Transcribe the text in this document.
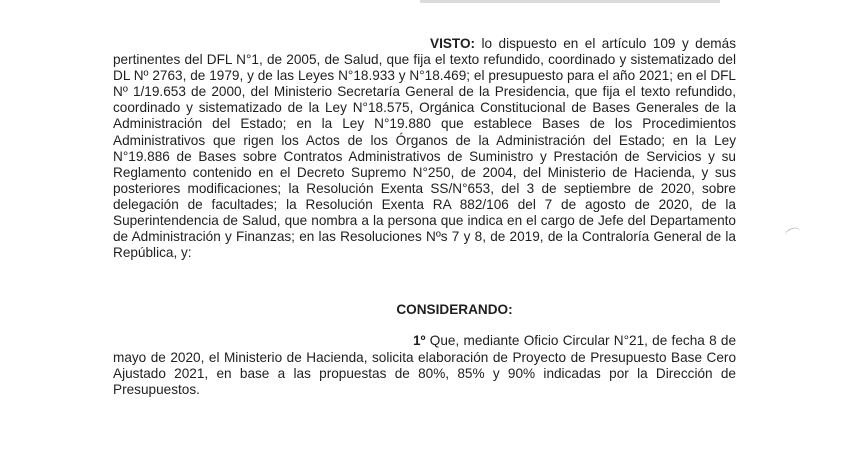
VISTO: lo dispuesto en el artículo 109 y demás pertinentes del DFL N°1, de 2005, de Salud, que fija el texto refundido, coordinado y sistematizado del DL Nº 2763, de 1979, y de las Leyes N°18.933 y N°18.469; el presupuesto para el año 2021; en el DFL Nº 1/19.653 de 2000, del Ministerio Secretaría General de la Presidencia, que fija el texto refundido, coordinado y sistematizado de la Ley N°18.575, Orgánica Constitucional de Bases Generales de la Administración del Estado; en la Ley N°19.880 que establece Bases de los Procedimientos Administrativos que rigen los Actos de los Órganos de la Administración del Estado; en la Ley N°19.886 de Bases sobre Contratos Administrativos de Suministro y Prestación de Servicios y su Reglamento contenido en el Decreto Supremo N°250, de 2004, del Ministerio de Hacienda, y sus posteriores modificaciones; la Resolución Exenta SS/N°653, del 3 de septiembre de 2020, sobre delegación de facultades; la Resolución Exenta RA 882/106 del 7 de agosto de 2020, de la Superintendencia de Salud, que nombra a la persona que indica en el cargo de Jefe del Departamento de Administración y Finanzas; en las Resoluciones Nºs 7 y 8, de 2019, de la Contraloría General de la República, y:

CONSIDERANDO:

1º Que, mediante Oficio Circular N°21, de fecha 8 de mayo de 2020, el Ministerio de Hacienda, solicita elaboración de Proyecto de Presupuesto Base Cero Ajustado 2021, en base a las propuestas de 80%, 85% y 90% indicadas por la Dirección de Presupuestos.
